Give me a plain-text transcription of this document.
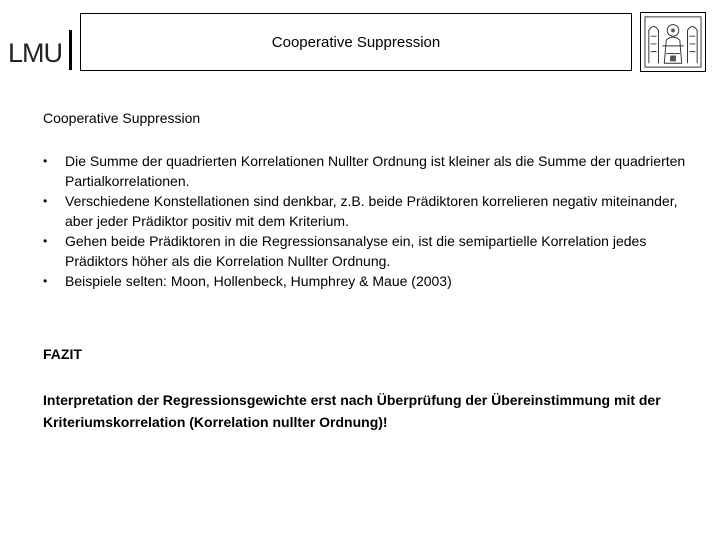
LMU	Cooperative Suppression
Cooperative Suppression
• Die Summe der quadrierten Korrelationen Nullter Ordnung ist kleiner als die Summe der quadrierten Partialkorrelationen.
• Verschiedene Konstellationen sind denkbar, z.B. beide Prädiktoren korrelieren negativ miteinander, aber jeder Prädiktor positiv mit dem Kriterium.
• Gehen beide Prädiktoren in die Regressionsanalyse ein, ist die semipartielle Korrelation jedes Prädiktors höher als die Korrelation Nullter Ordnung.
• Beispiele selten: Moon, Hollenbeck, Humphrey & Maue (2003)
FAZIT
Interpretation der Regressionsgewichte erst nach Überprüfung der Übereinstimmung mit der Kriteriumskorrelation (Korrelation nullter Ordnung)!
